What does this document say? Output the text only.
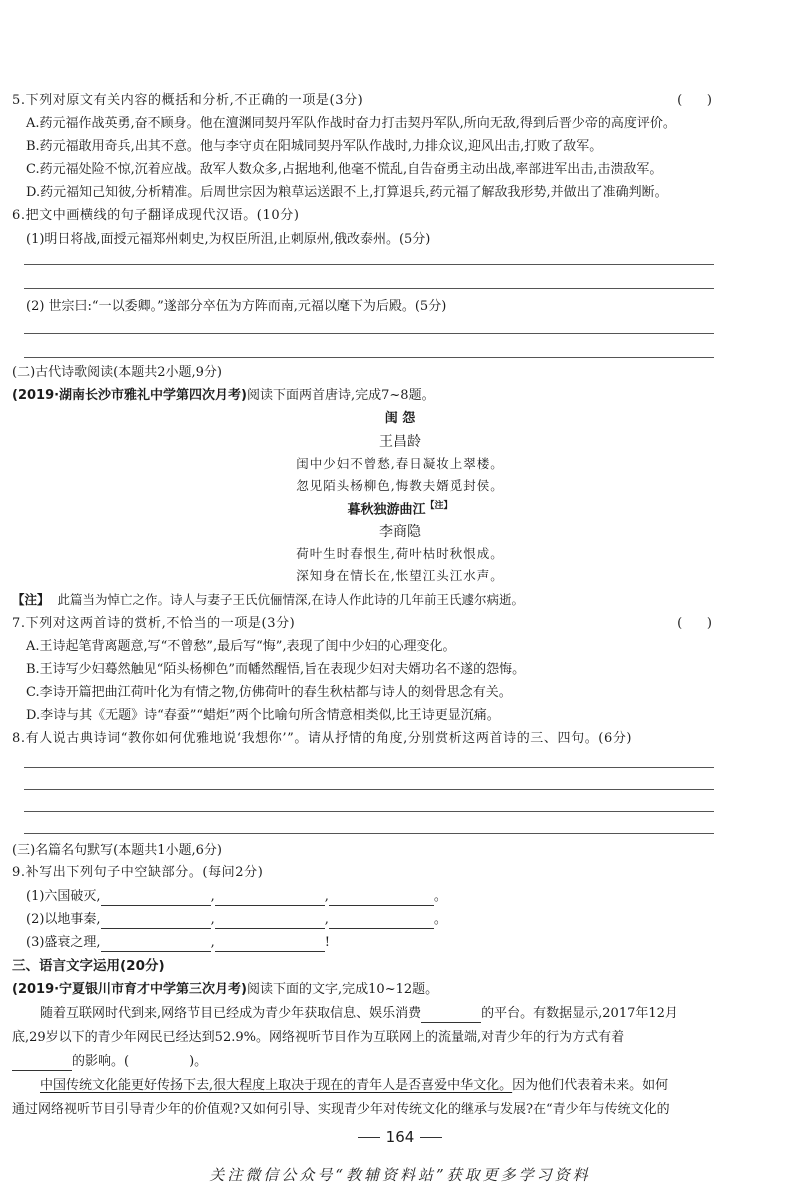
5.下列对原文有关内容的概括和分析,不正确的一项是(3分)	(      )
A.药元福作战英勇,奋不顾身。他在澶渊同契丹军队作战时奋力打击契丹军队,所向无敌,得到后晋少帝的高度评价。
B.药元福敢用奇兵,出其不意。他与李守贞在阳城同契丹军队作战时,力排众议,迎风出击,打败了敌军。
C.药元福处险不惊,沉着应战。敌军人数众多,占据地利,他毫不慌乱,自告奋勇主动出战,率部进军出击,击溃敌军。
D.药元福知己知彼,分析精准。后周世宗因为粮草运送跟不上,打算退兵,药元福了解敌我形势,并做出了准确判断。
6.把文中画横线的句子翻译成现代汉语。(10分)
(1)明日将战,面授元福郑州刺史,为权臣所沮,止刺原州,俄改泰州。(5分)
(2) 世宗曰:“一以委卿。”遂部分卒伍为方阵而南,元福以麾下为后殿。(5分)
(二)古代诗歌阅读(本题共2小题,9分)
(2019·湖南长沙市雅礼中学第四次月考)阅读下面两首唐诗,完成7~8题。
闺 怨
王昌龄
闺中少妇不曾愁,春日凝妆上翠楼。
忽见陌头杨柳色,悔教夫婿觅封侯。
暮秋独游曲江$^{【注】}$
李商隐
荷叶生时春恨生,荷叶枯时秋恨成。
深知身在情长在,怅望江头江水声。
【注】 此篇当为悼亡之作。诗人与妻子王氏伉俪情深,在诗人作此诗的几年前王氏遽尔病逝。
7.下列对这两首诗的赏析,不恰当的一项是(3分)	(      )
A.王诗起笔背离题意,写“不曾愁”,最后写“悔”,表现了闺中少妇的心理变化。
B.王诗写少妇蓦然触见“陌头杨柳色”而幡然醒悟,旨在表现少妇对夫婿功名不遂的怨悔。
C.李诗开篇把曲江荷叶化为有情之物,仿佛荷叶的春生秋枯都与诗人的刻骨思念有关。
D.李诗与其《无题》诗“春蚕”“蜡炬”两个比喻句所含情意相类似,比王诗更显沉痛。
8.有人说古典诗词“教你如何优雅地说‘我想你’”。请从抒情的角度,分别赏析这两首诗的三、四句。(6分)
(三)名篇名句默写(本题共1小题,6分)
9.补写出下列句子中空缺部分。(每问2分)
(1)六国破灭,	,	,	。
(2)以地事秦,	,	,	。
(3)盛衰之理,	,	!
三、语言文字运用(20分)
(2019·宁夏银川市育才中学第三次月考)阅读下面的文字,完成10~12题。
随着互联网时代到来,网络节目已经成为青少年获取信息、娱乐消费	的平台。有数据显示,2017年12月
底,29岁以下的青少年网民已经达到52.9%。网络视听节目作为互联网上的流量端,对青少年的行为方式有着
的影响。(	)。
中国传统文化能更好传扬下去,很大程度上取决于现在的青年人是否喜爱中华文化。因为他们代表着未来。如何
通过网络视听节目引导青少年的价值观?又如何引导、实现青少年对传统文化的继承与发展?在“青少年与传统文化的
164
关注微信公众号“教辅资料站”获取更多学习资料
